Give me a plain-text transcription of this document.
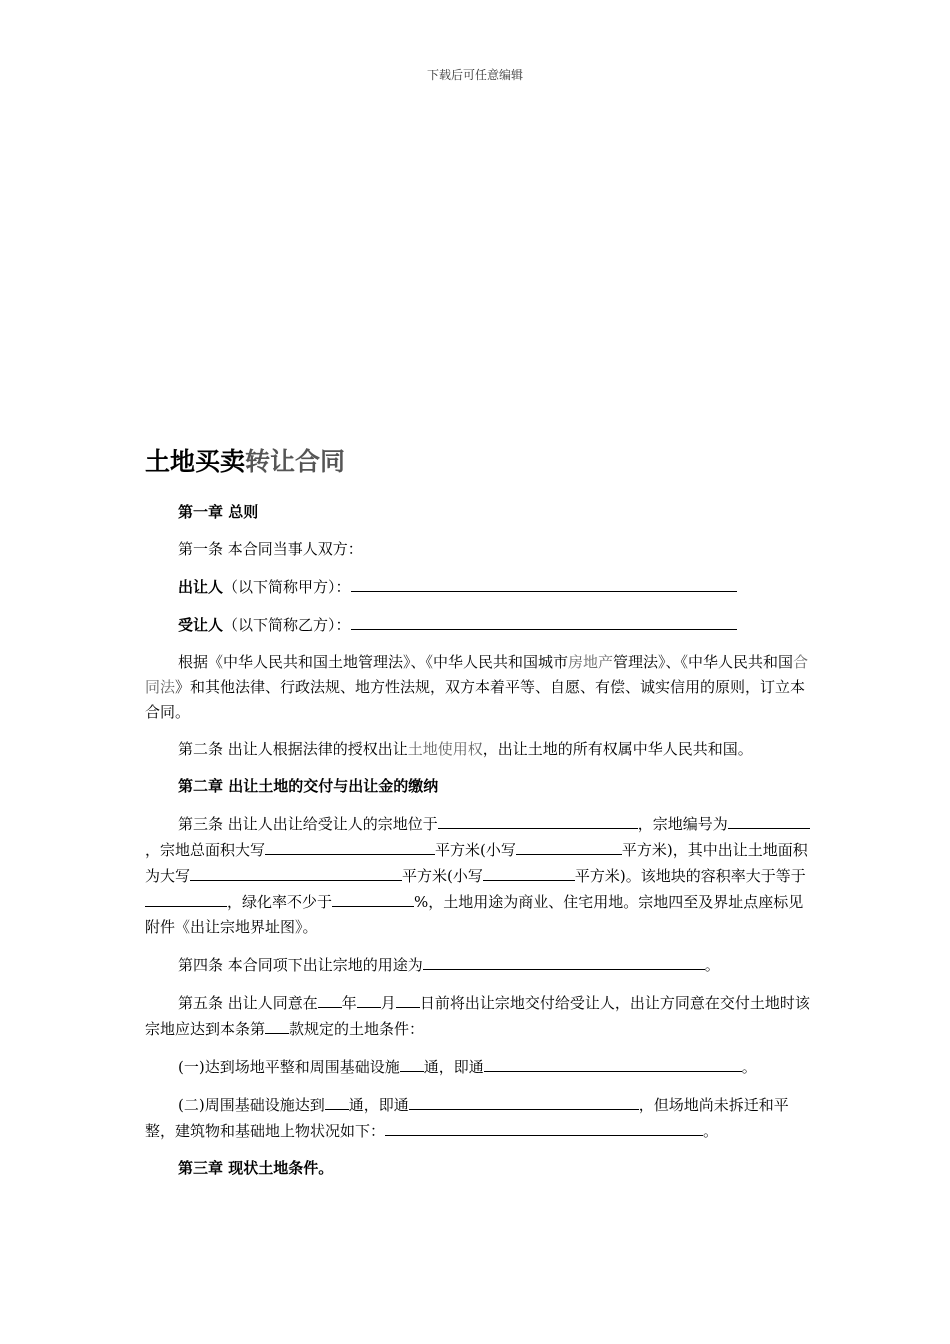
下载后可任意编辑
土地买卖转让合同

第一章 总则

第一条 本合同当事人双方：

出让人（以下简称甲方）：

受让人（以下简称乙方）：

根据《中华人民共和国土地管理法》、《中华人民共和国城市房地产管理法》、《中华人民共和国合同法》和其他法律、行政法规、地方性法规，双方本着平等、自愿、有偿、诚实信用的原则，订立本合同。

第二条 出让人根据法律的授权出让土地使用权，出让土地的所有权属中华人民共和国。

第二章 出让土地的交付与出让金的缴纳

第三条 出让人出让给受让人的宗地位于	，宗地编号为，宗地总面积大写	平方米(小写	平方米)，其中出让土地面积为大写	平方米(小写	平方米)。该地块的容积率大于等于，绿化率不少于	%，土地用途为商业、住宅用地。宗地四至及界址点座标见附件《出让宗地界址图》。

第四条 本合同项下出让宗地的用途为	。

第五条 出让人同意在 年 月 日前将出让宗地交付给受让人，出让方同意在交付土地时该宗地应达到本条第 款规定的土地条件：

(一)达到场地平整和周围基础设施 通，即通	。

(二)周围基础设施达到 通，即通	，但场地尚未拆迁和平整，建筑物和基础地上物状况如下：	。

第三章 现状土地条件。
